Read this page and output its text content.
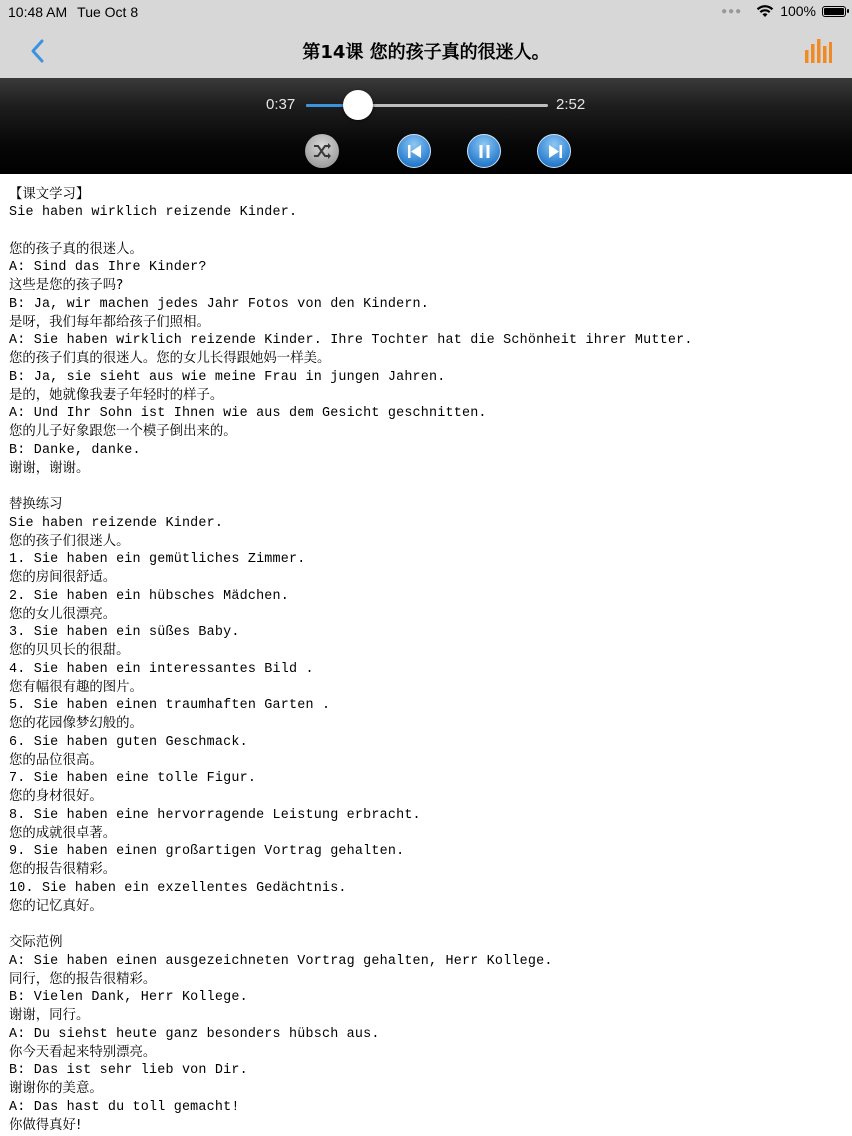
10:48 AM Tue Oct 8	●●●	100%
第14课 您的孩子真的很迷人。
0:37	2:52
【课文学习】
Sie haben wirklich reizende Kinder.
您的孩子真的很迷人。
A: Sind das Ihre Kinder?
这些是您的孩子吗?
B: Ja, wir machen jedes Jahr Fotos von den Kindern.
是呀，我们每年都给孩子们照相。
A: Sie haben wirklich reizende Kinder. Ihre Tochter hat die Schönheit ihrer Mutter.
您的孩子们真的很迷人。您的女儿长得跟她妈一样美。
B: Ja, sie sieht aus wie meine Frau in jungen Jahren.
是的，她就像我妻子年轻时的样子。
A: Und Ihr Sohn ist Ihnen wie aus dem Gesicht geschnitten.
您的儿子好象跟您一个模子倒出来的。
B: Danke, danke.
谢谢，谢谢。
替换练习
Sie haben reizende Kinder.
您的孩子们很迷人。
1. Sie haben ein gemütliches Zimmer.
您的房间很舒适。
2. Sie haben ein hübsches Mädchen.
您的女儿很漂亮。
3. Sie haben ein süßes Baby.
您的贝贝长的很甜。
4. Sie haben ein interessantes Bild .
您有幅很有趣的图片。
5. Sie haben einen traumhaften Garten .
您的花园像梦幻般的。
6. Sie haben guten Geschmack.
您的品位很高。
7. Sie haben eine tolle Figur.
您的身材很好。
8. Sie haben eine hervorragende Leistung erbracht.
您的成就很卓著。
9. Sie haben einen großartigen Vortrag gehalten.
您的报告很精彩。
10. Sie haben ein exzellentes Gedächtnis.
您的记忆真好。
交际范例
A: Sie haben einen ausgezeichneten Vortrag gehalten, Herr Kollege.
同行，您的报告很精彩。
B: Vielen Dank, Herr Kollege.
谢谢，同行。
A: Du siehst heute ganz besonders hübsch aus.
你今天看起来特别漂亮。
B: Das ist sehr lieb von Dir.
谢谢你的美意。
A: Das hast du toll gemacht!
你做得真好!
